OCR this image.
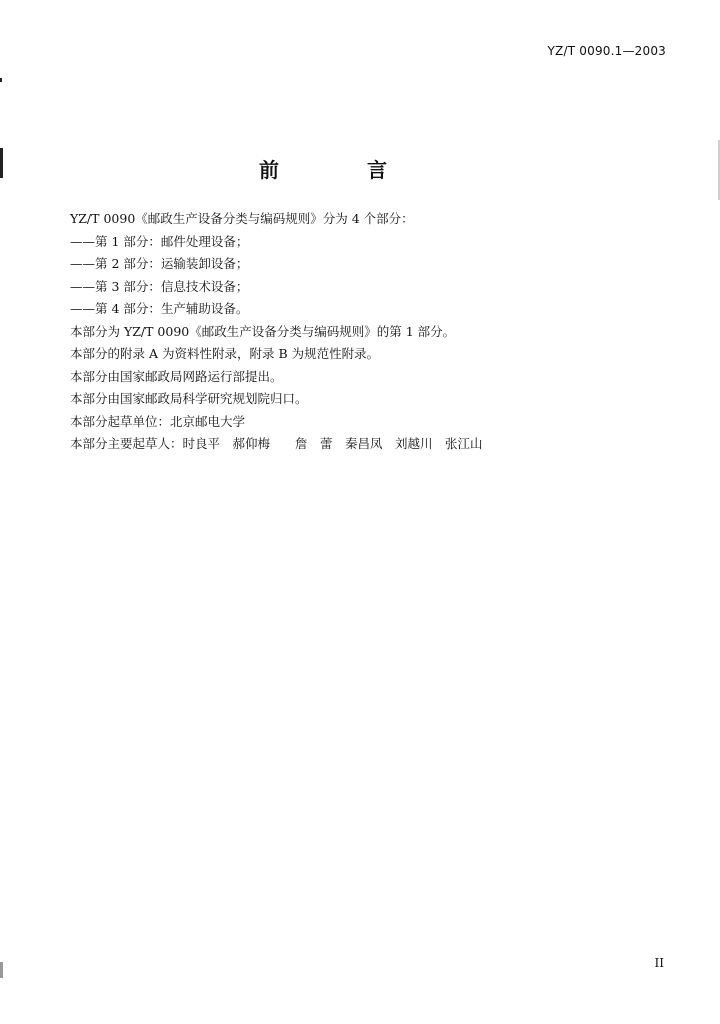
YZ/T 0090.1—2003
前　言

YZ/T 0090《邮政生产设备分类与编码规则》分为 4 个部分：

——第 1 部分：邮件处理设备；

——第 2 部分：运输装卸设备；

——第 3 部分：信息技术设备；

——第 4 部分：生产辅助设备。

本部分为 YZ/T 0090《邮政生产设备分类与编码规则》的第 1 部分。

本部分的附录 A 为资料性附录，附录 B 为规范性附录。

本部分由国家邮政局网路运行部提出。

本部分由国家邮政局科学研究规划院归口。

本部分起草单位：北京邮电大学

本部分主要起草人：时良平　郝仰梅　　詹　蕾　秦昌凤　刘越川　张江山

II
